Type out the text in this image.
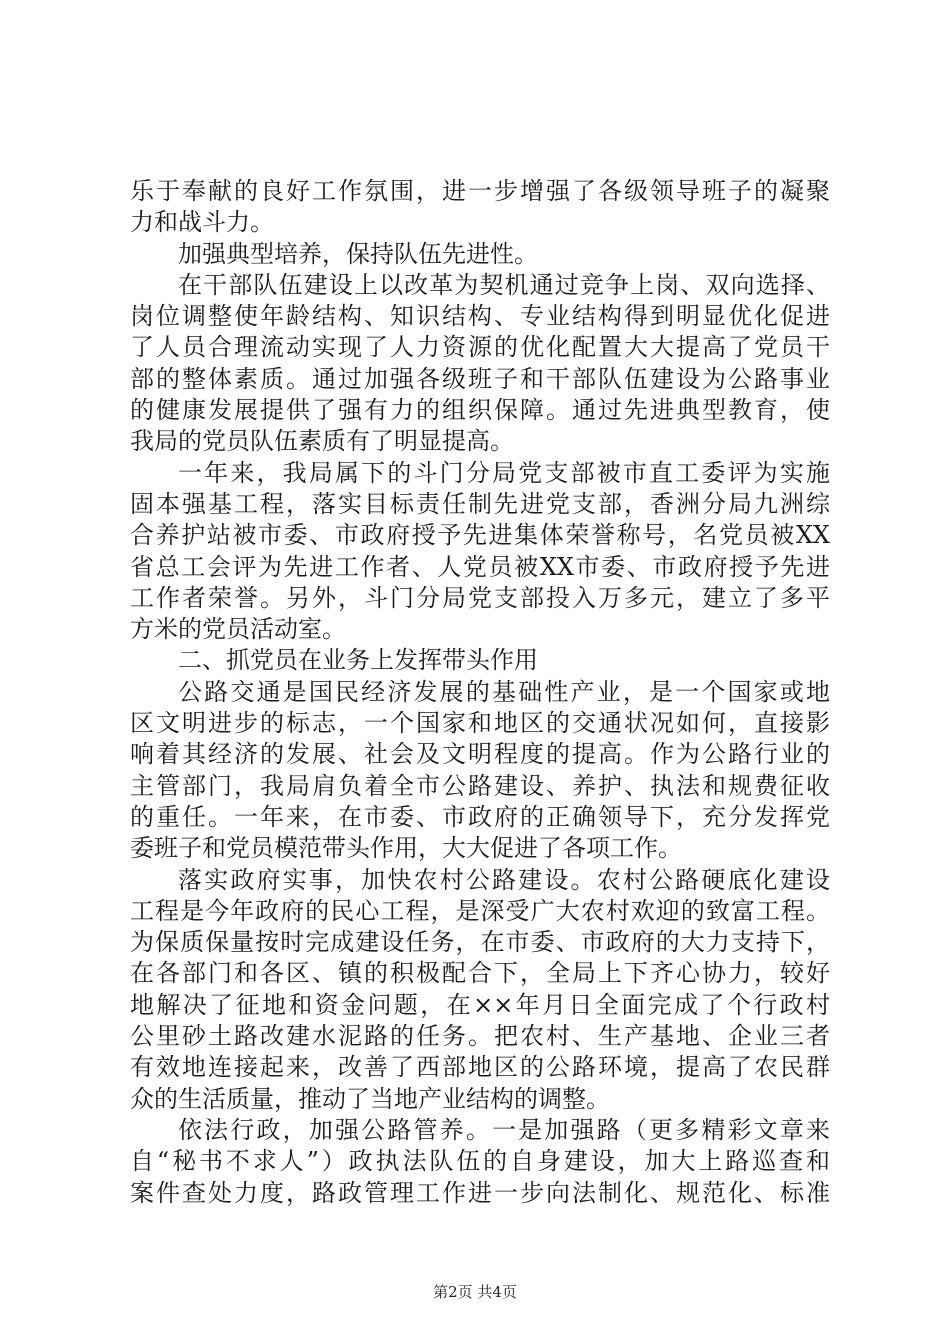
乐于奉献的良好工作氛围，进一步增强了各级领导班子的凝聚
力和战斗力。
加强典型培养，保持队伍先进性。
在干部队伍建设上以改革为契机通过竞争上岗、双向选择、
岗位调整使年龄结构、知识结构、专业结构得到明显优化促进
了人员合理流动实现了人力资源的优化配置大大提高了党员干
部的整体素质。通过加强各级班子和干部队伍建设为公路事业
的健康发展提供了强有力的组织保障。通过先进典型教育，使
我局的党员队伍素质有了明显提高。
一年来，我局属下的斗门分局党支部被市直工委评为实施
固本强基工程，落实目标责任制先进党支部，香洲分局九洲综
合养护站被市委、市政府授予先进集体荣誉称号，名党员被XX
省总工会评为先进工作者、人党员被XX市委、市政府授予先进
工作者荣誉。另外，斗门分局党支部投入万多元，建立了多平
方米的党员活动室。
二、抓党员在业务上发挥带头作用
公路交通是国民经济发展的基础性产业，是一个国家或地
区文明进步的标志，一个国家和地区的交通状况如何，直接影
响着其经济的发展、社会及文明程度的提高。作为公路行业的
主管部门，我局肩负着全市公路建设、养护、执法和规费征收
的重任。一年来，在市委、市政府的正确领导下，充分发挥党
委班子和党员模范带头作用，大大促进了各项工作。
落实政府实事，加快农村公路建设。农村公路硬底化建设
工程是今年政府的民心工程，是深受广大农村欢迎的致富工程。
为保质保量按时完成建设任务，在市委、市政府的大力支持下，
在各部门和各区、镇的积极配合下，全局上下齐心协力，较好
地解决了征地和资金问题，在××年月日全面完成了个行政村
公里砂土路改建水泥路的任务。把农村、生产基地、企业三者
有效地连接起来，改善了西部地区的公路环境，提高了农民群
众的生活质量，推动了当地产业结构的调整。
依法行政，加强公路管养。一是加强路（更多精彩文章来
自“秘书不求人”）政执法队伍的自身建设，加大上路巡查和
案件查处力度，路政管理工作进一步向法制化、规范化、标准
第2页 共4页
